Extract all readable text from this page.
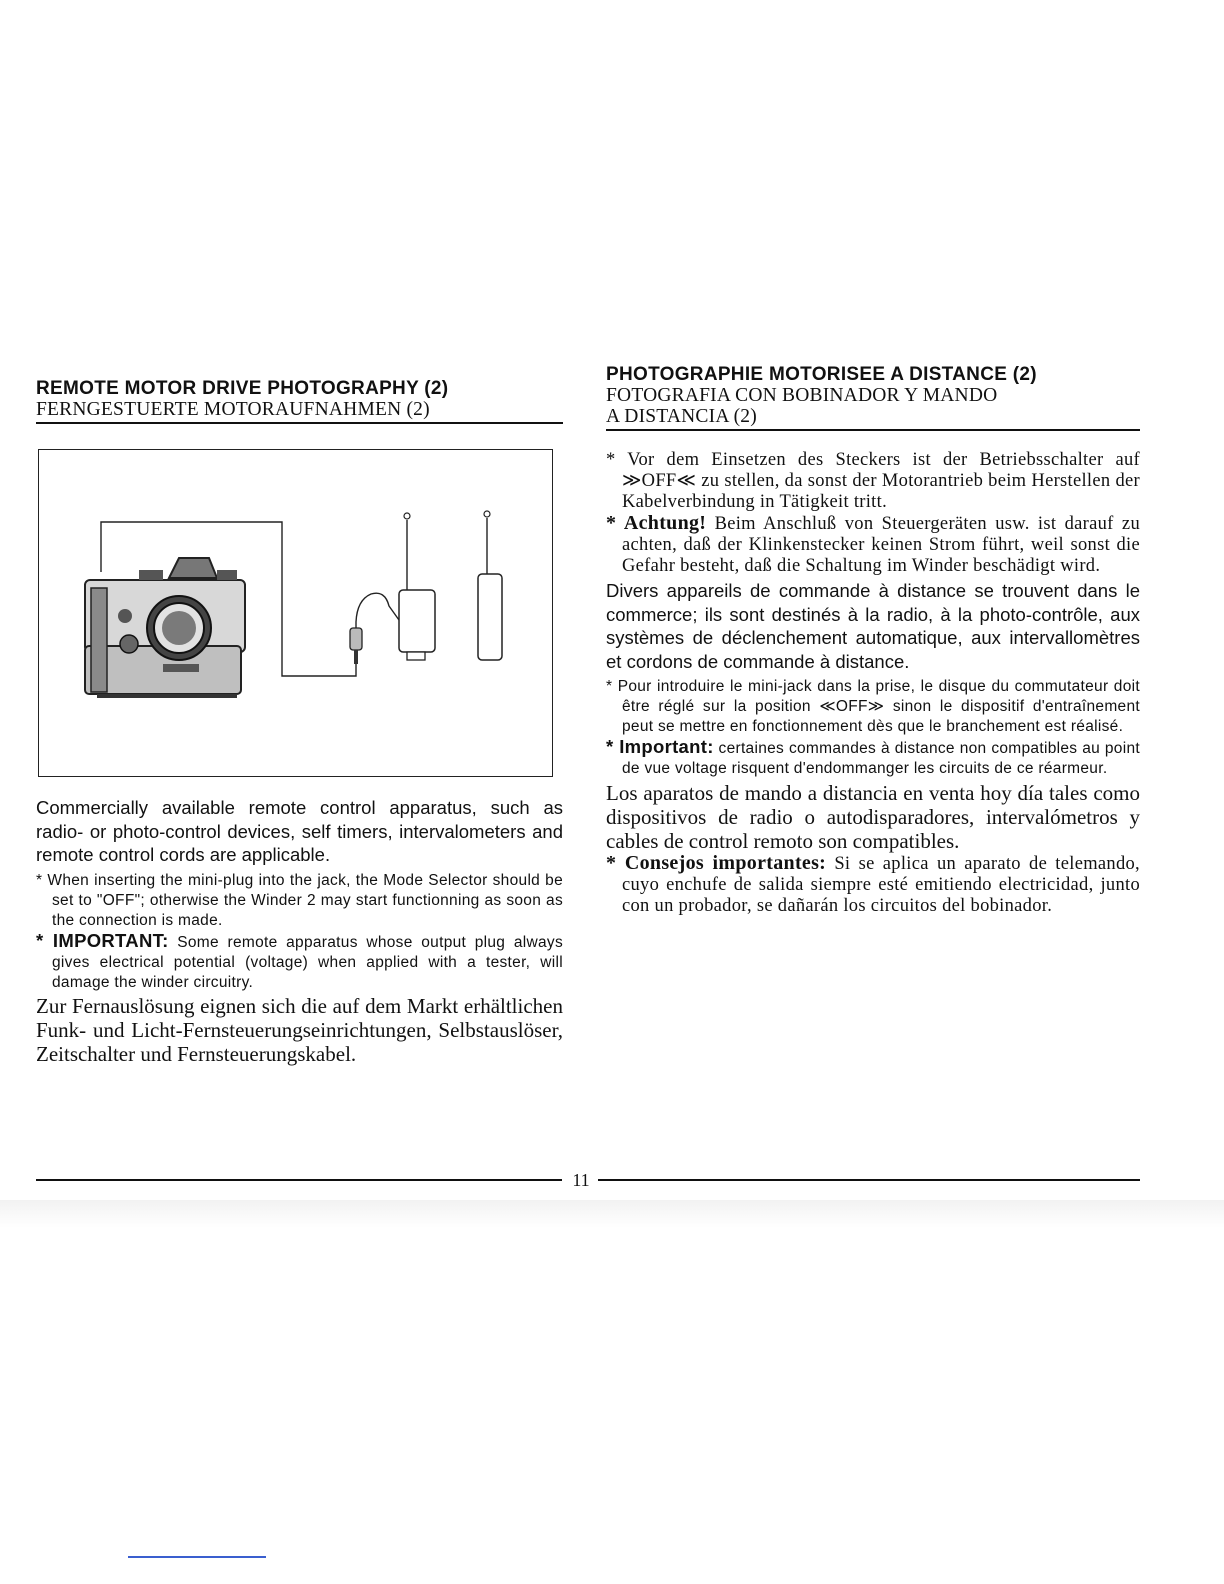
REMOTE MOTOR DRIVE PHOTOGRAPHY (2)
FERNGESTUERTE MOTORAUFNAHMEN (2)
PHOTOGRAPHIE MOTORISEE A DISTANCE (2)
FOTOGRAFIA CON BOBINADOR Y MANDO
A DISTANCIA (2)

Commercially available remote control apparatus, such as radio- or photo-control devices, self timers, intervalometers and remote control cords are applicable.

* When inserting the mini-plug into the jack, the Mode Selector should be set to "OFF"; otherwise the Winder 2 may start functionning as soon as the connection is made.

* IMPORTANT: Some remote apparatus whose output plug always gives electrical potential (voltage) when applied with a tester, will damage the winder circuitry.

Zur Fernauslösung eignen sich die auf dem Markt erhältlichen Funk- und Licht-Fernsteuerungseinrichtungen, Selbstauslöser, Zeitschalter und Fernsteuerungskabel.

* Vor dem Einsetzen des Steckers ist der Betriebsschalter auf ≫OFF≪ zu stellen, da sonst der Motorantrieb beim Herstellen der Kabelverbindung in Tätigkeit tritt.

* Achtung! Beim Anschluß von Steuergeräten usw. ist darauf zu achten, daß der Klinkenstecker keinen Strom führt, weil sonst die Gefahr besteht, daß die Schaltung im Winder beschädigt wird.

Divers appareils de commande à distance se trouvent dans le commerce; ils sont destinés à la radio, à la photo-contrôle, aux systèmes de déclenchement automatique, aux intervallomètres et cordons de commande à distance.

* Pour introduire le mini-jack dans la prise, le disque du commutateur doit être réglé sur la position ≪OFF≫ sinon le dispositif d'entraînement peut se mettre en fonctionnement dès que le branchement est réalisé.

* Important: certaines commandes à distance non compatibles au point de vue voltage risquent d'endommanger les circuits de ce réarmeur.

Los aparatos de mando a distancia en venta hoy día tales como dispositivos de radio o autodisparadores, intervalómetros y cables de control remoto son compatibles.

* Consejos importantes: Si se aplica un aparato de telemando, cuyo enchufe de salida siempre esté emitiendo electricidad, junto con un probador, se dañarán los circuitos del bobinador.

11
